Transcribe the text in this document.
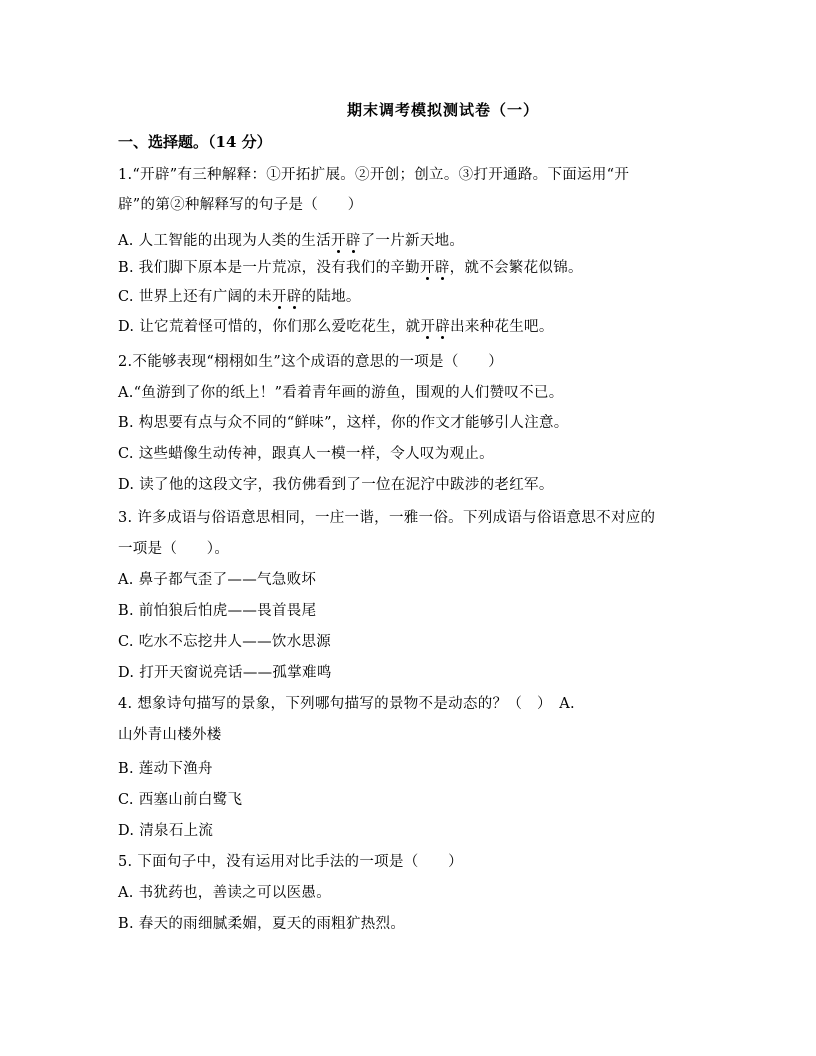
期末调考模拟测试卷（一）
一、选择题。（14 分）
1.“开辟”有三种解释：①开拓扩展。②开创；创立。③打开通路。下面运用“开
辟”的第②种解释写的句子是（　　）
A. 人工智能的出现为人类的生活开辟了一片新天地。
B. 我们脚下原本是一片荒凉，没有我们的辛勤开辟，就不会繁花似锦。
C. 世界上还有广阔的未开辟的陆地。
D. 让它荒着怪可惜的，你们那么爱吃花生，就开辟出来种花生吧。
2.不能够表现“栩栩如生”这个成语的意思的一项是（　　）
A.“鱼游到了你的纸上！”看着青年画的游鱼，围观的人们赞叹不已。
B. 构思要有点与众不同的“鲜味”，这样，你的作文才能够引人注意。
C. 这些蜡像生动传神，跟真人一模一样，令人叹为观止。
D. 读了他的这段文字，我仿佛看到了一位在泥泞中跋涉的老红军。
3. 许多成语与俗语意思相同，一庄一谐，一雅一俗。下列成语与俗语意思不对应的
一项是（　　）。
A. 鼻子都气歪了——气急败坏
B. 前怕狼后怕虎——畏首畏尾
C. 吃水不忘挖井人——饮水思源
D. 打开天窗说亮话——孤掌难鸣
4. 想象诗句描写的景象，下列哪句描写的景物不是动态的？（　）　A.
山外青山楼外楼
B. 莲动下渔舟
C. 西塞山前白鹭飞
D. 清泉石上流
5. 下面句子中，没有运用对比手法的一项是（　　）
A. 书犹药也，善读之可以医愚。
B. 春天的雨细腻柔媚，夏天的雨粗犷热烈。
